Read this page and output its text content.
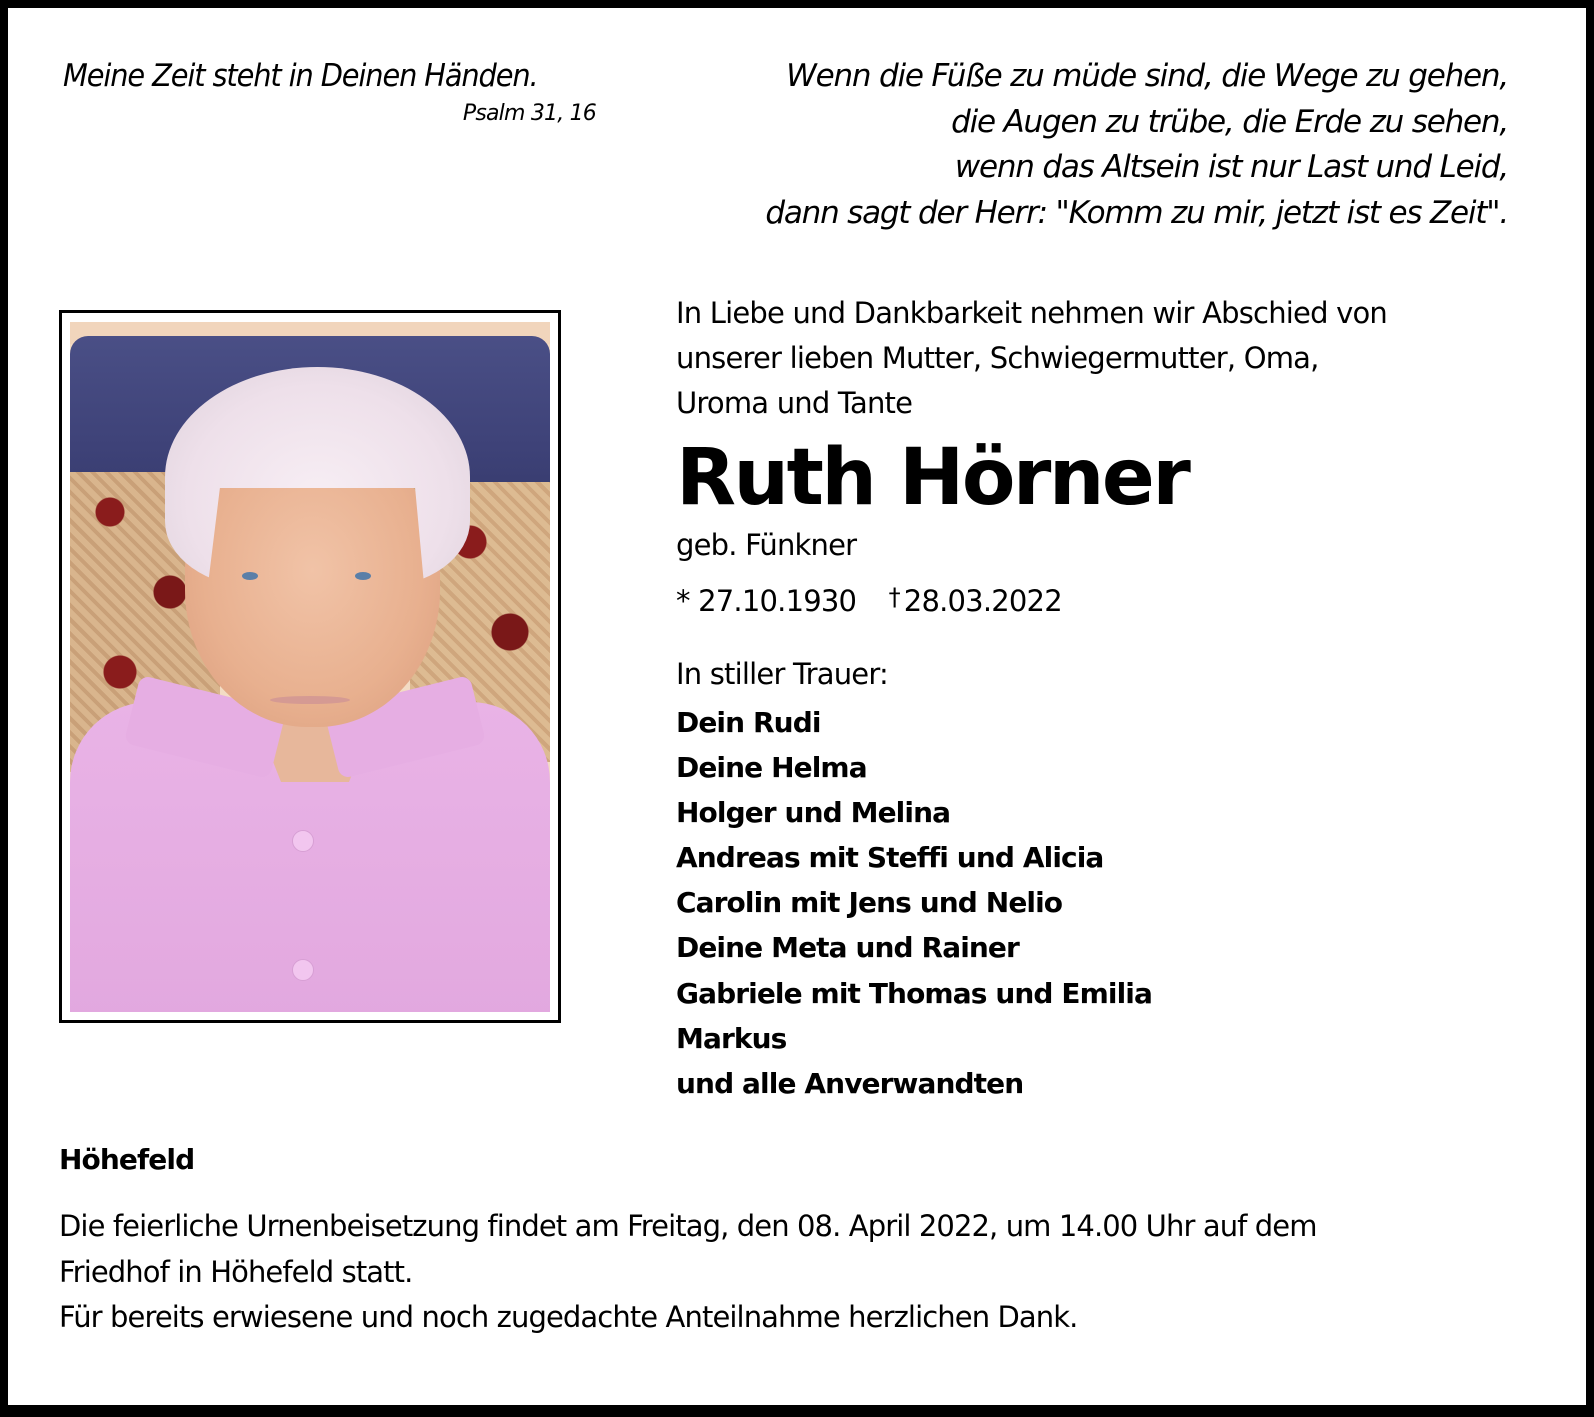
Meine Zeit steht in Deinen Händen.
Psalm 31, 16
Wenn die Füße zu müde sind, die Wege zu gehen,
die Augen zu trübe, die Erde zu sehen,
wenn das Altsein ist nur Last und Leid,
dann sagt der Herr: "Komm zu mir, jetzt ist es Zeit".
In Liebe und Dankbarkeit nehmen wir Abschied von
unserer lieben Mutter, Schwiegermutter, Oma,
Uroma und Tante
Ruth Hörner
geb. Fünkner
* 27.10.1930 † 28.03.2022
In stiller Trauer:
Dein Rudi
Deine Helma
Holger und Melina
Andreas mit Steffi und Alicia
Carolin mit Jens und Nelio
Deine Meta und Rainer
Gabriele mit Thomas und Emilia
Markus
und alle Anverwandten
Höhefeld
Die feierliche Urnenbeisetzung findet am Freitag, den 08. April 2022, um 14.00 Uhr auf dem
Friedhof in Höhefeld statt.
Für bereits erwiesene und noch zugedachte Anteilnahme herzlichen Dank.
